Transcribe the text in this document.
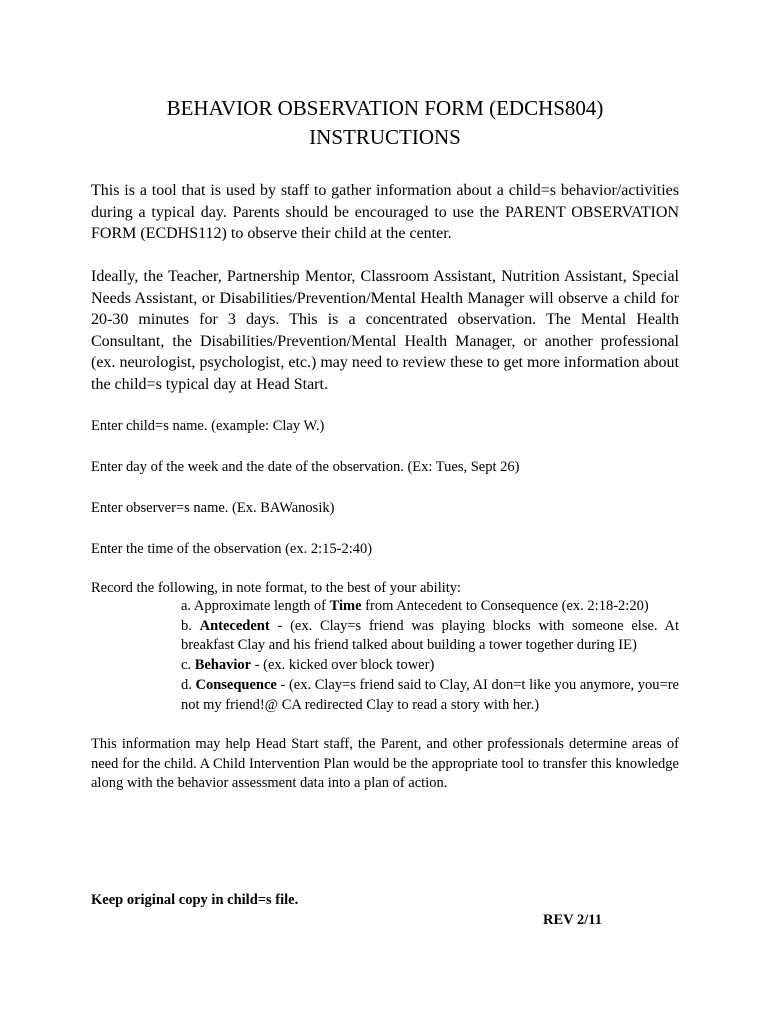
BEHAVIOR OBSERVATION FORM (EDCHS804)
INSTRUCTIONS
This is a tool that is used by staff to gather information about a child=s behavior/activities during a typical day. Parents should be encouraged to use the PARENT OBSERVATION FORM (ECDHS112) to observe their child at the center.
Ideally, the Teacher, Partnership Mentor, Classroom Assistant, Nutrition Assistant, Special Needs Assistant, or Disabilities/Prevention/Mental Health Manager will observe a child for 20-30 minutes for 3 days. This is a concentrated observation. The Mental Health Consultant, the Disabilities/Prevention/Mental Health Manager, or another professional (ex. neurologist, psychologist, etc.) may need to review these to get more information about the child=s typical day at Head Start.
Enter child=s name. (example: Clay W.)
Enter day of the week and the date of the observation. (Ex: Tues, Sept 26)
Enter observer=s name. (Ex. BAWanosik)
Enter the time of the observation (ex. 2:15-2:40)
Record the following, in note format, to the best of your ability:
a. Approximate length of Time from Antecedent to Consequence (ex. 2:18-2:20)
b. Antecedent - (ex. Clay=s friend was playing blocks with someone else. At breakfast Clay and his friend talked about building a tower together during IE)
c. Behavior - (ex. kicked over block tower)
d. Consequence - (ex. Clay=s friend said to Clay, AI don=t like you anymore, you=re not my friend!@ CA redirected Clay to read a story with her.)
This information may help Head Start staff, the Parent, and other professionals determine areas of need for the child. A Child Intervention Plan would be the appropriate tool to transfer this knowledge along with the behavior assessment data into a plan of action.
Keep original copy in child=s file.
REV 2/11
